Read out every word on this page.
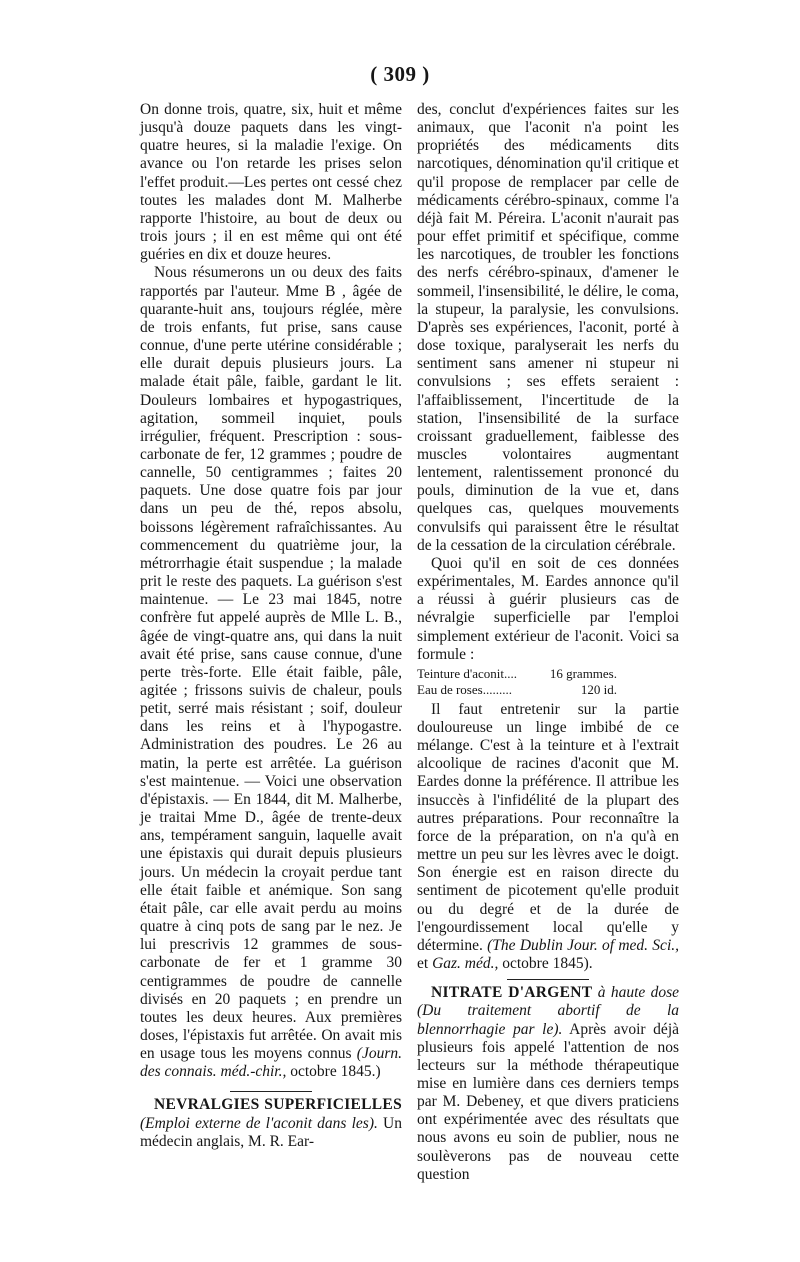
( 309 )

On donne trois, quatre, six, huit et même jusqu'à douze paquets dans les vingt-quatre heures, si la maladie l'exige. On avance ou l'on retarde les prises selon l'effet produit.—Les pertes ont cessé chez toutes les malades dont M. Malherbe rapporte l'histoire, au bout de deux ou trois jours ; il en est même qui ont été guéries en dix et douze heures.

Nous résumerons un ou deux des faits rapportés par l'auteur. Mme B , âgée de quarante-huit ans, toujours réglée, mère de trois enfants, fut prise, sans cause connue, d'une perte utérine considérable ; elle durait depuis plusieurs jours. La malade était pâle, faible, gardant le lit. Douleurs lombaires et hypogastriques, agitation, sommeil inquiet, pouls irrégulier, fréquent. Prescription : sous-carbonate de fer, 12 grammes ; poudre de cannelle, 50 centigrammes ; faites 20 paquets. Une dose quatre fois par jour dans un peu de thé, repos absolu, boissons légèrement rafraîchissantes. Au commencement du quatrième jour, la métrorrhagie était suspendue ; la malade prit le reste des paquets. La guérison s'est maintenue. — Le 23 mai 1845, notre confrère fut appelé auprès de Mlle L. B., âgée de vingt-quatre ans, qui dans la nuit avait été prise, sans cause connue, d'une perte très-forte. Elle était faible, pâle, agitée ; frissons suivis de chaleur, pouls petit, serré mais résistant ; soif, douleur dans les reins et à l'hypogastre. Administration des poudres. Le 26 au matin, la perte est arrêtée. La guérison s'est maintenue. — Voici une observation d'épistaxis. — En 1844, dit M. Malherbe, je traitai Mme D., âgée de trente-deux ans, tempérament sanguin, laquelle avait une épistaxis qui durait depuis plusieurs jours. Un médecin la croyait perdue tant elle était faible et anémique. Son sang était pâle, car elle avait perdu au moins quatre à cinq pots de sang par le nez. Je lui prescrivis 12 grammes de sous-carbonate de fer et 1 gramme 30 centigrammes de poudre de cannelle divisés en 20 paquets ; en prendre un toutes les deux heures. Aux premières doses, l'épistaxis fut arrêtée. On avait mis en usage tous les moyens connus (Journ. des connais. méd.-chir., octobre 1845.)

NEVRALGIES SUPERFICIELLES (Emploi externe de l'aconit dans les). Un médecin anglais, M. R. Ear-

des, conclut d'expériences faites sur les animaux, que l'aconit n'a point les propriétés des médicaments dits narcotiques, dénomination qu'il critique et qu'il propose de remplacer par celle de médicaments cérébro-spinaux, comme l'a déjà fait M. Péreira. L'aconit n'aurait pas pour effet primitif et spécifique, comme les narcotiques, de troubler les fonctions des nerfs cérébro-spinaux, d'amener le sommeil, l'insensibilité, le délire, le coma, la stupeur, la paralysie, les convulsions. D'après ses expériences, l'aconit, porté à dose toxique, paralyserait les nerfs du sentiment sans amener ni stupeur ni convulsions ; ses effets seraient : l'affaiblissement, l'incertitude de la station, l'insensibilité de la surface croissant graduellement, faiblesse des muscles volontaires augmentant lentement, ralentissement prononcé du pouls, diminution de la vue et, dans quelques cas, quelques mouvements convulsifs qui paraissent être le résultat de la cessation de la circulation cérébrale.

Quoi qu'il en soit de ces données expérimentales, M. Eardes annonce qu'il a réussi à guérir plusieurs cas de névralgie superficielle par l'emploi simplement extérieur de l'aconit. Voici sa formule :

Teinture d'aconit....	16 grammes.
Eau de roses.........	120 id.

Il faut entretenir sur la partie douloureuse un linge imbibé de ce mélange. C'est à la teinture et à l'extrait alcoolique de racines d'aconit que M. Eardes donne la préférence. Il attribue les insuccès à l'infidélité de la plupart des autres préparations. Pour reconnaître la force de la préparation, on n'a qu'à en mettre un peu sur les lèvres avec le doigt. Son énergie est en raison directe du sentiment de picotement qu'elle produit ou du degré et de la durée de l'engourdissement local qu'elle y détermine. (The Dublin Jour. of med. Sci., et Gaz. méd., octobre 1845).

NITRATE D'ARGENT à haute dose (Du traitement abortif de la blennorrhagie par le). Après avoir déjà plusieurs fois appelé l'attention de nos lecteurs sur la méthode thérapeutique mise en lumière dans ces derniers temps par M. Debeney, et que divers praticiens ont expérimentée avec des résultats que nous avons eu soin de publier, nous ne soulèverons pas de nouveau cette question
